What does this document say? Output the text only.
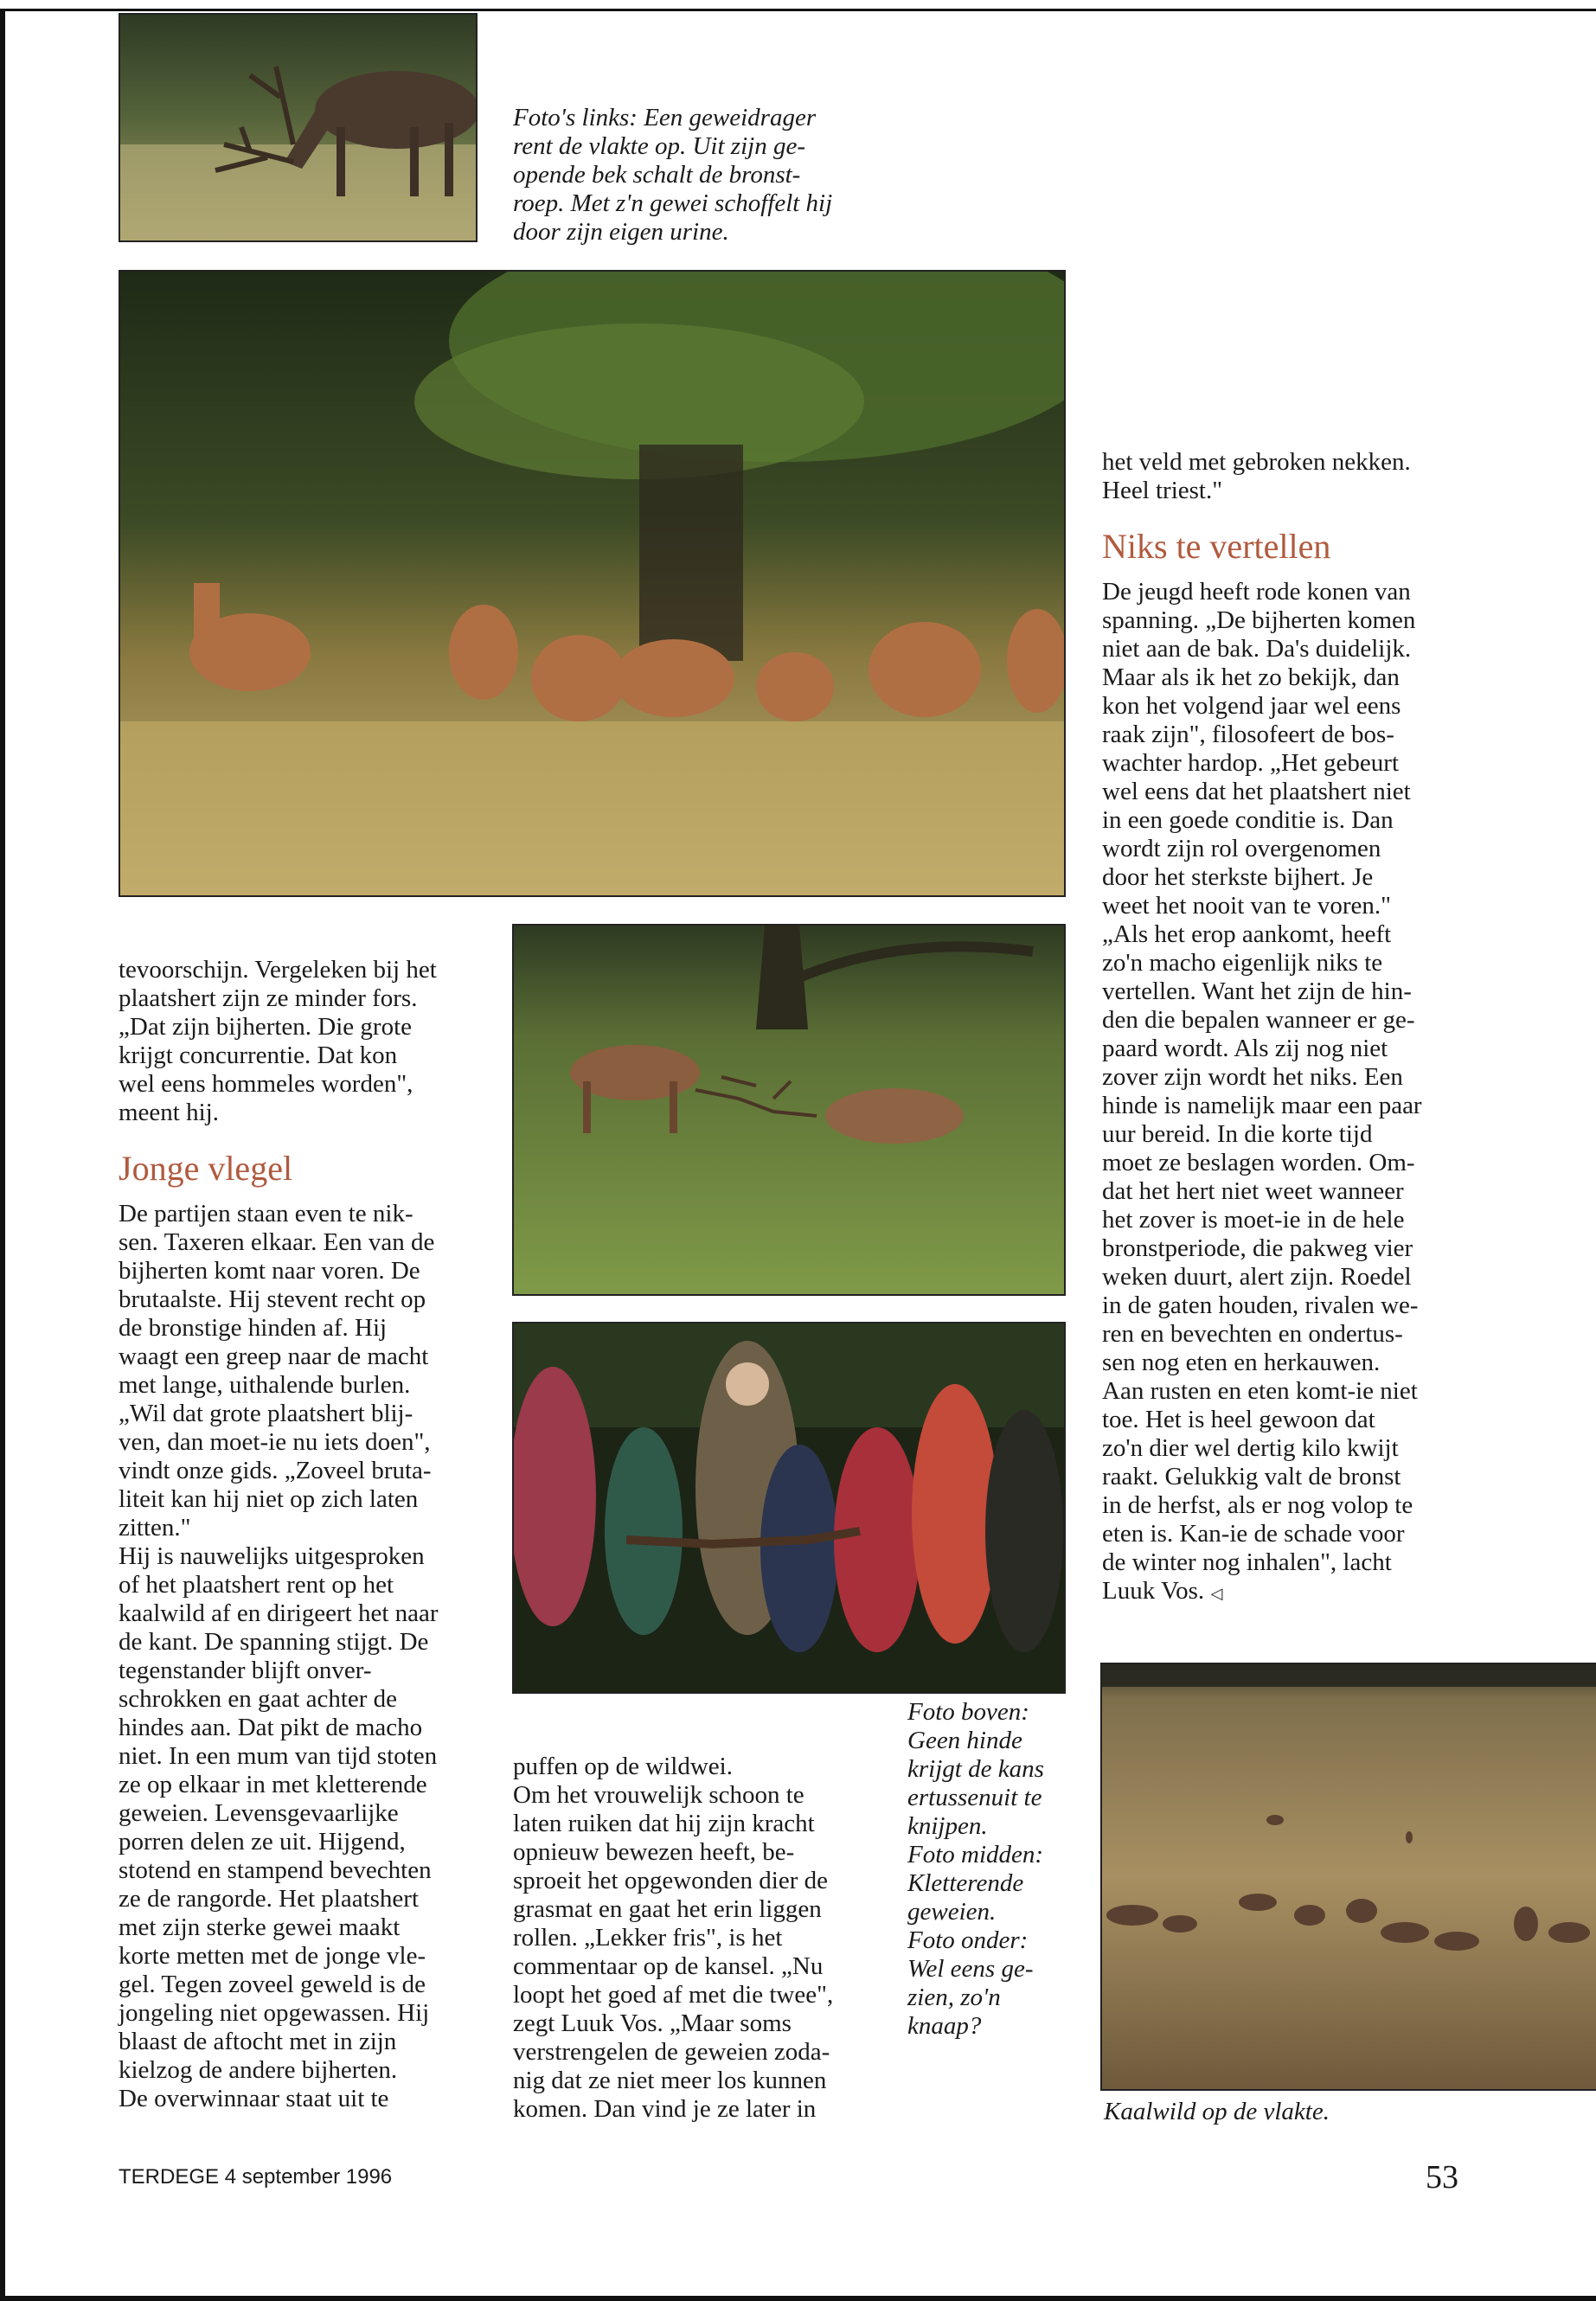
Foto's links: Een geweidrager

rent de vlakte op. Uit zijn ge-

opende bek schalt de bronst-

roep. Met z'n gewei schoffelt hij

door zijn eigen urine.

tevoorschijn. Vergeleken bij het

plaatshert zijn ze minder fors.

„Dat zijn bijherten. Die grote

krijgt concurrentie. Dat kon

wel eens hommeles worden",

meent hij.

Jonge vlegel

De partijen staan even te nik-

sen. Taxeren elkaar. Een van de

bijherten komt naar voren. De

brutaalste. Hij stevent recht op

de bronstige hinden af. Hij

waagt een greep naar de macht

met lange, uithalende burlen.

„Wil dat grote plaatshert blij-

ven, dan moet-ie nu iets doen",

vindt onze gids. „Zoveel bruta-

liteit kan hij niet op zich laten

zitten."

Hij is nauwelijks uitgesproken

of het plaatshert rent op het

kaalwild af en dirigeert het naar

de kant. De spanning stijgt. De

tegenstander blijft onver-

schrokken en gaat achter de

hindes aan. Dat pikt de macho

niet. In een mum van tijd stoten

ze op elkaar in met kletterende

geweien. Levensgevaarlijke

porren delen ze uit. Hijgend,

stotend en stampend bevechten

ze de rangorde. Het plaatshert

met zijn sterke gewei maakt

korte metten met de jonge vle-

gel. Tegen zoveel geweld is de

jongeling niet opgewassen. Hij

blaast de aftocht met in zijn

kielzog de andere bijherten.

De overwinnaar staat uit te

puffen op de wildwei.

Om het vrouwelijk schoon te

laten ruiken dat hij zijn kracht

opnieuw bewezen heeft, be-

sproeit het opgewonden dier de

grasmat en gaat het erin liggen

rollen. „Lekker fris", is het

commentaar op de kansel. „Nu

loopt het goed af met die twee",

zegt Luuk Vos. „Maar soms

verstrengelen de geweien zoda-

nig dat ze niet meer los kunnen

komen. Dan vind je ze later in

Foto boven:

Geen hinde

krijgt de kans

ertussenuit te

knijpen.

Foto midden:

Kletterende

geweien.

Foto onder:

Wel eens ge-

zien, zo'n

knaap?

het veld met gebroken nekken.

Heel triest."

Niks te vertellen

De jeugd heeft rode konen van

spanning. „De bijherten komen

niet aan de bak. Da's duidelijk.

Maar als ik het zo bekijk, dan

kon het volgend jaar wel eens

raak zijn", filosofeert de bos-

wachter hardop. „Het gebeurt

wel eens dat het plaatshert niet

in een goede conditie is. Dan

wordt zijn rol overgenomen

door het sterkste bijhert. Je

weet het nooit van te voren."

„Als het erop aankomt, heeft

zo'n macho eigenlijk niks te

vertellen. Want het zijn de hin-

den die bepalen wanneer er ge-

paard wordt. Als zij nog niet

zover zijn wordt het niks. Een

hinde is namelijk maar een paar

uur bereid. In die korte tijd

moet ze beslagen worden. Om-

dat het hert niet weet wanneer

het zover is moet-ie in de hele

bronstperiode, die pakweg vier

weken duurt, alert zijn. Roedel

in de gaten houden, rivalen we-

ren en bevechten en ondertus-

sen nog eten en herkauwen.

Aan rusten en eten komt-ie niet

toe. Het is heel gewoon dat

zo'n dier wel dertig kilo kwijt

raakt. Gelukkig valt de bronst

in de herfst, als er nog volop te

eten is. Kan-ie de schade voor

de winter nog inhalen", lacht

Luuk Vos. ◁

Kaalwild op de vlakte.

TERDEGE 4 september 1996	53
